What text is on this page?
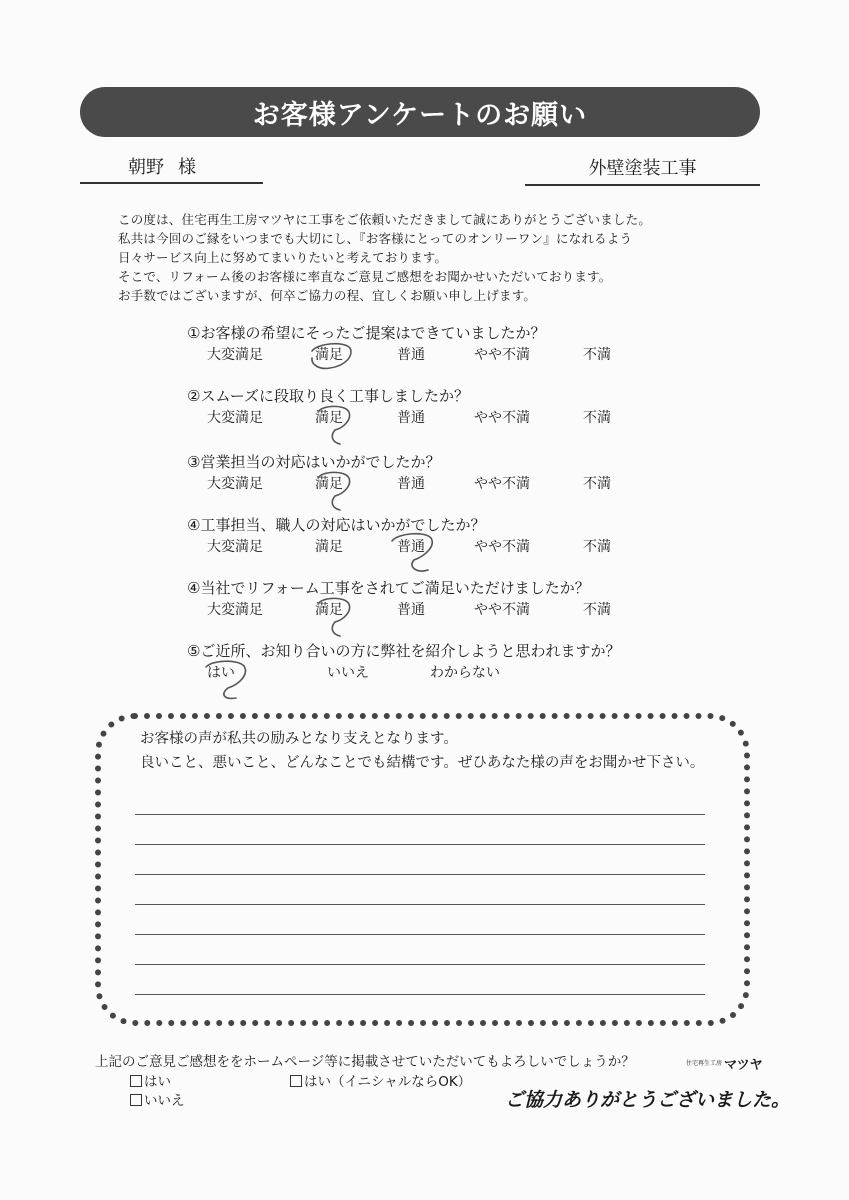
お客様アンケートのお願い
朝野 様	外壁塗装工事
この度は、住宅再生工房マツヤに工事をご依頼いただきまして誠にありがとうございました。
私共は今回のご縁をいつまでも大切にし、『お客様にとってのオンリーワン』になれるよう
日々サービス向上に努めてまいりたいと考えております。
そこで、リフォーム後のお客様に率直なご意見ご感想をお聞かせいただいております。
お手数ではございますが、何卒ご協力の程、宜しくお願い申し上げます。
①お客様の希望にそったご提案はできていましたか？
大変満足	満足	普通	やや不満	不満
②スムーズに段取り良く工事しましたか？
大変満足	満足	普通	やや不満	不満
③営業担当の対応はいかがでしたか？
大変満足	満足	普通	やや不満	不満
④工事担当、職人の対応はいかがでしたか？
大変満足	満足	普通	やや不満	不満
④当社でリフォーム工事をされてご満足いただけましたか？
大変満足	満足	普通	やや不満	不満
⑤ご近所、お知り合いの方に弊社を紹介しようと思われますか？
はい	いいえ	わからない
お客様の声が私共の励みとなり支えとなります。
良いこと、悪いこと、どんなことでも結構です。ぜひあなた様の声をお聞かせ下さい。
上記のご意見ご感想ををホームページ等に掲載させていただいてもよろしいでしょうか？
はい	はい（イニシャルならOK）
いいえ
$^{住宅再生工房}$ マツヤ
ご協力ありがとうございました。
